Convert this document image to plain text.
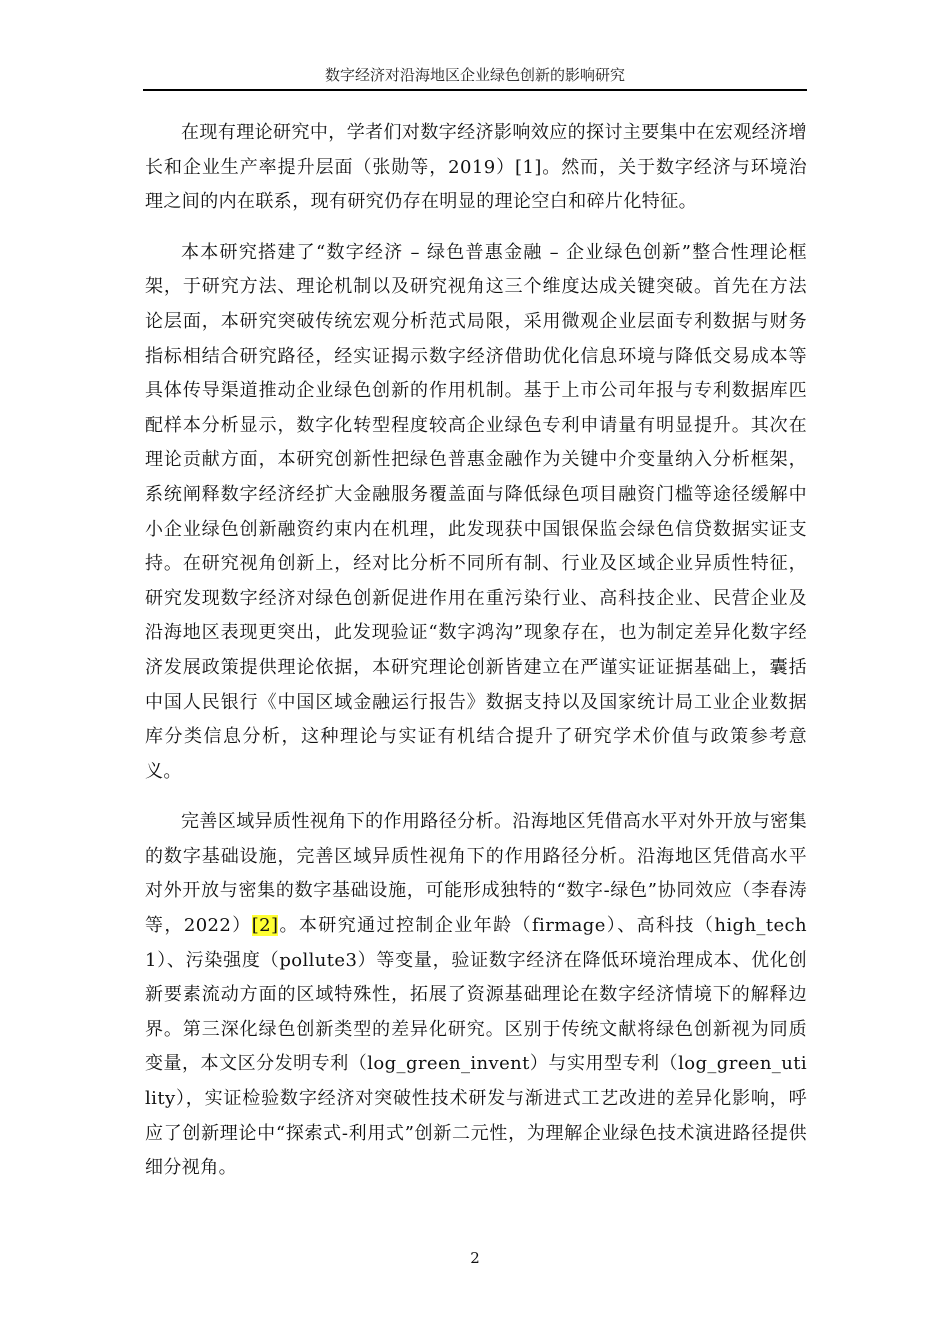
数字经济对沿海地区企业绿色创新的影响研究

在现有理论研究中，学者们对数字经济影响效应的探讨主要集中在宏观经济增长和企业生产率提升层面（张勋等，2019）[1]。然而，关于数字经济与环境治理之间的内在联系，现有研究仍存在明显的理论空白和碎片化特征。

本本研究搭建了“数字经济 – 绿色普惠金融 – 企业绿色创新”整合性理论框架，于研究方法、理论机制以及研究视角这三个维度达成关键突破。首先在方法论层面，本研究突破传统宏观分析范式局限，采用微观企业层面专利数据与财务指标相结合研究路径，经实证揭示数字经济借助优化信息环境与降低交易成本等具体传导渠道推动企业绿色创新的作用机制。基于上市公司年报与专利数据库匹配样本分析显示，数字化转型程度较高企业绿色专利申请量有明显提升。其次在理论贡献方面，本研究创新性把绿色普惠金融作为关键中介变量纳入分析框架，系统阐释数字经济经扩大金融服务覆盖面与降低绿色项目融资门槛等途径缓解中小企业绿色创新融资约束内在机理，此发现获中国银保监会绿色信贷数据实证支持。在研究视角创新上，经对比分析不同所有制、行业及区域企业异质性特征，研究发现数字经济对绿色创新促进作用在重污染行业、高科技企业、民营企业及沿海地区表现更突出，此发现验证“数字鸿沟”现象存在，也为制定差异化数字经济发展政策提供理论依据，本研究理论创新皆建立在严谨实证证据基础上，囊括中国人民银行《中国区域金融运行报告》数据支持以及国家统计局工业企业数据库分类信息分析，这种理论与实证有机结合提升了研究学术价值与政策参考意义。

完善区域异质性视角下的作用路径分析。沿海地区凭借高水平对外开放与密集的数字基础设施，完善区域异质性视角下的作用路径分析。沿海地区凭借高水平对外开放与密集的数字基础设施，可能形成独特的“数字-绿色”协同效应（李春涛等，2022）[2]。本研究通过控制企业年龄（firmage）、高科技（high_tech1）、污染强度（pollute3）等变量，验证数字经济在降低环境治理成本、优化创新要素流动方面的区域特殊性，拓展了资源基础理论在数字经济情境下的解释边界。第三深化绿色创新类型的差异化研究。区别于传统文献将绿色创新视为同质变量，本文区分发明专利（log_green_invent）与实用型专利（log_green_utility），实证检验数字经济对突破性技术研发与渐进式工艺改进的差异化影响，呼应了创新理论中“探索式-利用式”创新二元性，为理解企业绿色技术演进路径提供细分视角。

2
